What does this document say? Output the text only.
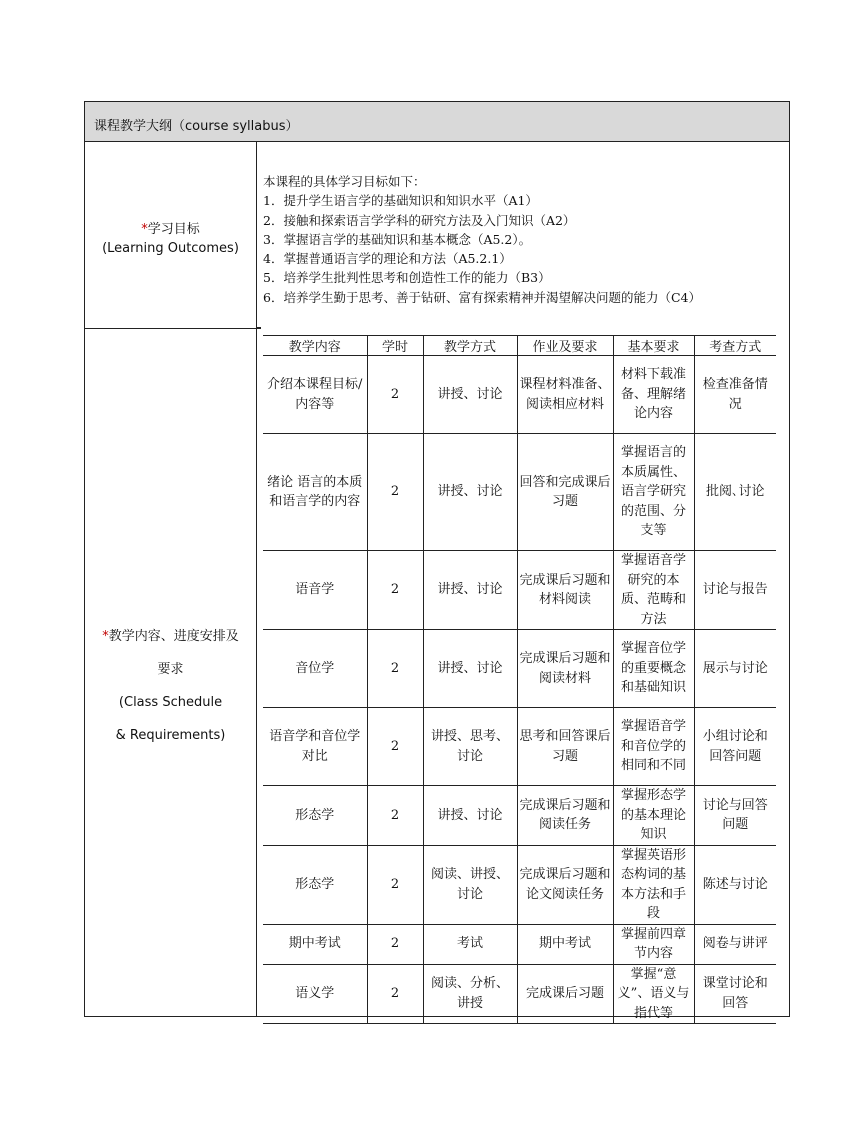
课程教学大纲（course syllabus）
*学习目标
(Learning Outcomes)
本课程的具体学习目标如下：
1．提升学生语言学的基础知识和知识水平（A1）
2．接触和探索语言学学科的研究方法及入门知识（A2）
3．掌握语言学的基础知识和基本概念（A5.2）。
4．掌握普通语言学的理论和方法（A5.2.1）
5．培养学生批判性思考和创造性工作的能力（B3）
6．培养学生勤于思考、善于钻研、富有探索精神并渴望解决问题的能力（C4）
*教学内容、进度安排及
要求
(Class Schedule
& Requirements)
教学内容	学时	教学方式	作业及要求	基本要求	考查方式
介绍本课程目标/内容等	2	讲授、讨论	课程材料准备、阅读相应材料	材料下载准备、理解绪论内容	检查准备情况
绪论 语言的本质和语言学的内容	2	讲授、讨论	回答和完成课后习题	掌握语言的本质属性、语言学研究的范围、分支等	批阅､讨论
语音学	2	讲授、讨论	完成课后习题和材料阅读	掌握语音学研究的本质、范畴和方法	讨论与报告
音位学	2	讲授、讨论	完成课后习题和阅读材料	掌握音位学的重要概念和基础知识	展示与讨论
语音学和音位学对比	2	讲授、思考、讨论	思考和回答课后习题	掌握语音学和音位学的相同和不同	小组讨论和回答问题
形态学	2	讲授、讨论	完成课后习题和阅读任务	掌握形态学的基本理论知识	讨论与回答问题
形态学	2	阅读、讲授、讨论	完成课后习题和论文阅读任务	掌握英语形态构词的基本方法和手段	陈述与讨论
期中考试	2	考试	期中考试	掌握前四章节内容	阅卷与讲评
语义学	2	阅读、分析、讲授	完成课后习题	掌握“意义”、语义与指代等	课堂讨论和回答
